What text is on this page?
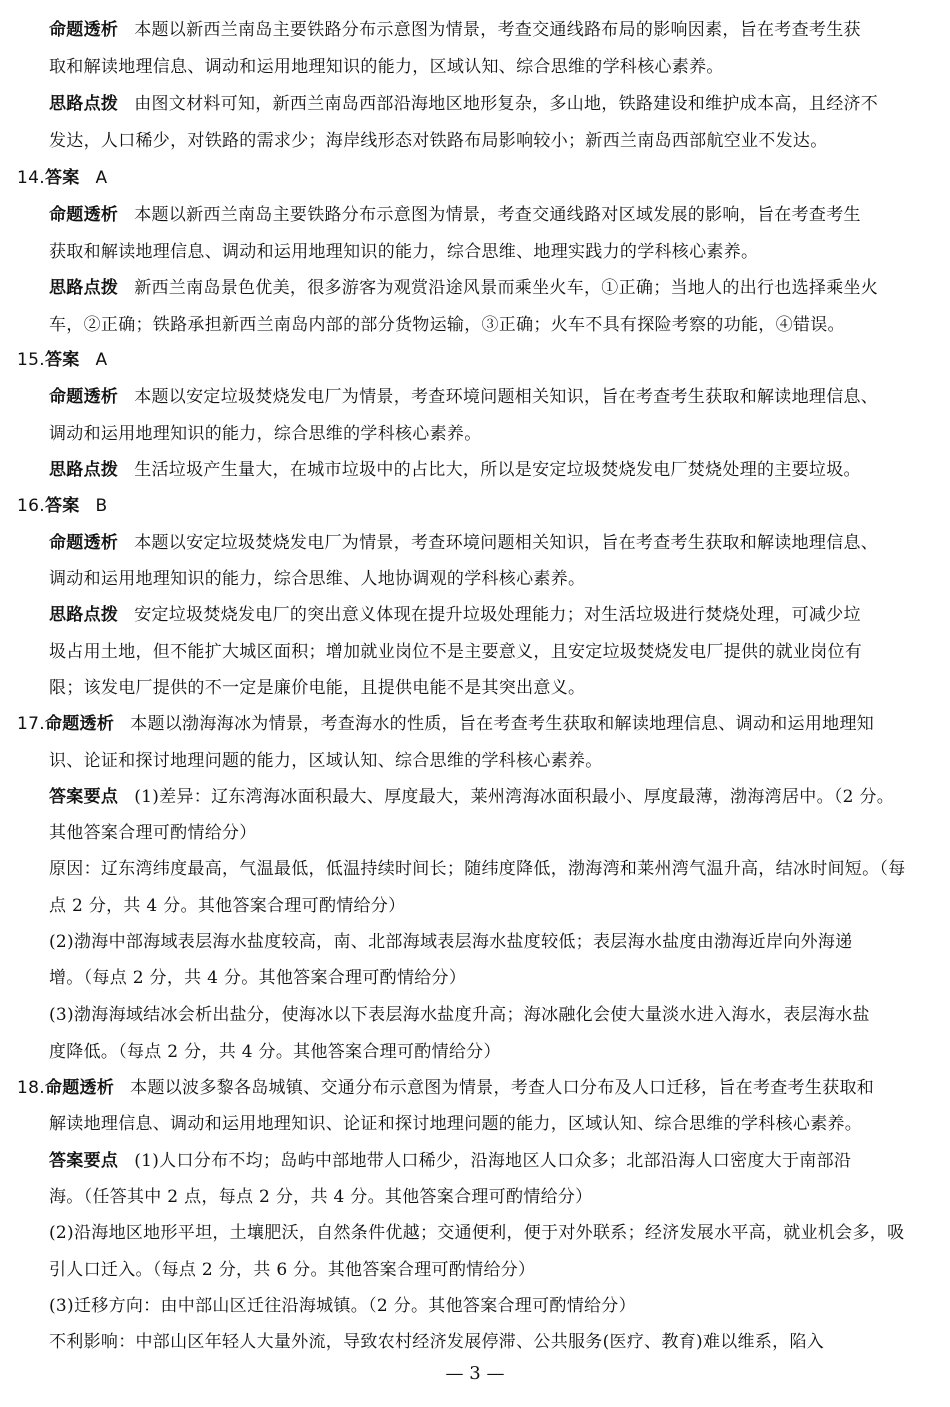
命题透析 本题以新西兰南岛主要铁路分布示意图为情景，考查交通线路布局的影响因素，旨在考查考生获
取和解读地理信息、调动和运用地理知识的能力，区域认知、综合思维的学科核心素养。
思路点拨 由图文材料可知，新西兰南岛西部沿海地区地形复杂，多山地，铁路建设和维护成本高，且经济不
发达，人口稀少，对铁路的需求少；海岸线形态对铁路布局影响较小；新西兰南岛西部航空业不发达。
14.答案 A
命题透析 本题以新西兰南岛主要铁路分布示意图为情景，考查交通线路对区域发展的影响，旨在考查考生
获取和解读地理信息、调动和运用地理知识的能力，综合思维、地理实践力的学科核心素养。
思路点拨 新西兰南岛景色优美，很多游客为观赏沿途风景而乘坐火车，①正确；当地人的出行也选择乘坐火
车，②正确；铁路承担新西兰南岛内部的部分货物运输，③正确；火车不具有探险考察的功能，④错误。
15.答案 A
命题透析 本题以安定垃圾焚烧发电厂为情景，考查环境问题相关知识，旨在考查考生获取和解读地理信息、
调动和运用地理知识的能力，综合思维的学科核心素养。
思路点拨 生活垃圾产生量大，在城市垃圾中的占比大，所以是安定垃圾焚烧发电厂焚烧处理的主要垃圾。
16.答案 B
命题透析 本题以安定垃圾焚烧发电厂为情景，考查环境问题相关知识，旨在考查考生获取和解读地理信息、
调动和运用地理知识的能力，综合思维、人地协调观的学科核心素养。
思路点拨 安定垃圾焚烧发电厂的突出意义体现在提升垃圾处理能力；对生活垃圾进行焚烧处理，可减少垃
圾占用土地，但不能扩大城区面积；增加就业岗位不是主要意义，且安定垃圾焚烧发电厂提供的就业岗位有
限；该发电厂提供的不一定是廉价电能，且提供电能不是其突出意义。
17.命题透析 本题以渤海海冰为情景，考查海水的性质，旨在考查考生获取和解读地理信息、调动和运用地理知
识、论证和探讨地理问题的能力，区域认知、综合思维的学科核心素养。
答案要点 (1)差异：辽东湾海冰面积最大、厚度最大，莱州湾海冰面积最小、厚度最薄，渤海湾居中。（2 分。
其他答案合理可酌情给分）
原因：辽东湾纬度最高，气温最低，低温持续时间长；随纬度降低，渤海湾和莱州湾气温升高，结冰时间短。（每
点 2 分，共 4 分。其他答案合理可酌情给分）
(2)渤海中部海域表层海水盐度较高，南、北部海域表层海水盐度较低；表层海水盐度由渤海近岸向外海递
增。（每点 2 分，共 4 分。其他答案合理可酌情给分）
(3)渤海海域结冰会析出盐分，使海冰以下表层海水盐度升高；海冰融化会使大量淡水进入海水，表层海水盐
度降低。（每点 2 分，共 4 分。其他答案合理可酌情给分）
18.命题透析 本题以波多黎各岛城镇、交通分布示意图为情景，考查人口分布及人口迁移，旨在考查考生获取和
解读地理信息、调动和运用地理知识、论证和探讨地理问题的能力，区域认知、综合思维的学科核心素养。
答案要点 (1)人口分布不均；岛屿中部地带人口稀少，沿海地区人口众多；北部沿海人口密度大于南部沿
海。（任答其中 2 点，每点 2 分，共 4 分。其他答案合理可酌情给分）
(2)沿海地区地形平坦，土壤肥沃，自然条件优越；交通便利，便于对外联系；经济发展水平高，就业机会多，吸
引人口迁入。（每点 2 分，共 6 分。其他答案合理可酌情给分）
(3)迁移方向：由中部山区迁往沿海城镇。（2 分。其他答案合理可酌情给分）
不利影响：中部山区年轻人大量外流，导致农村经济发展停滞、公共服务(医疗、教育)难以维系，陷入
— 3 —
